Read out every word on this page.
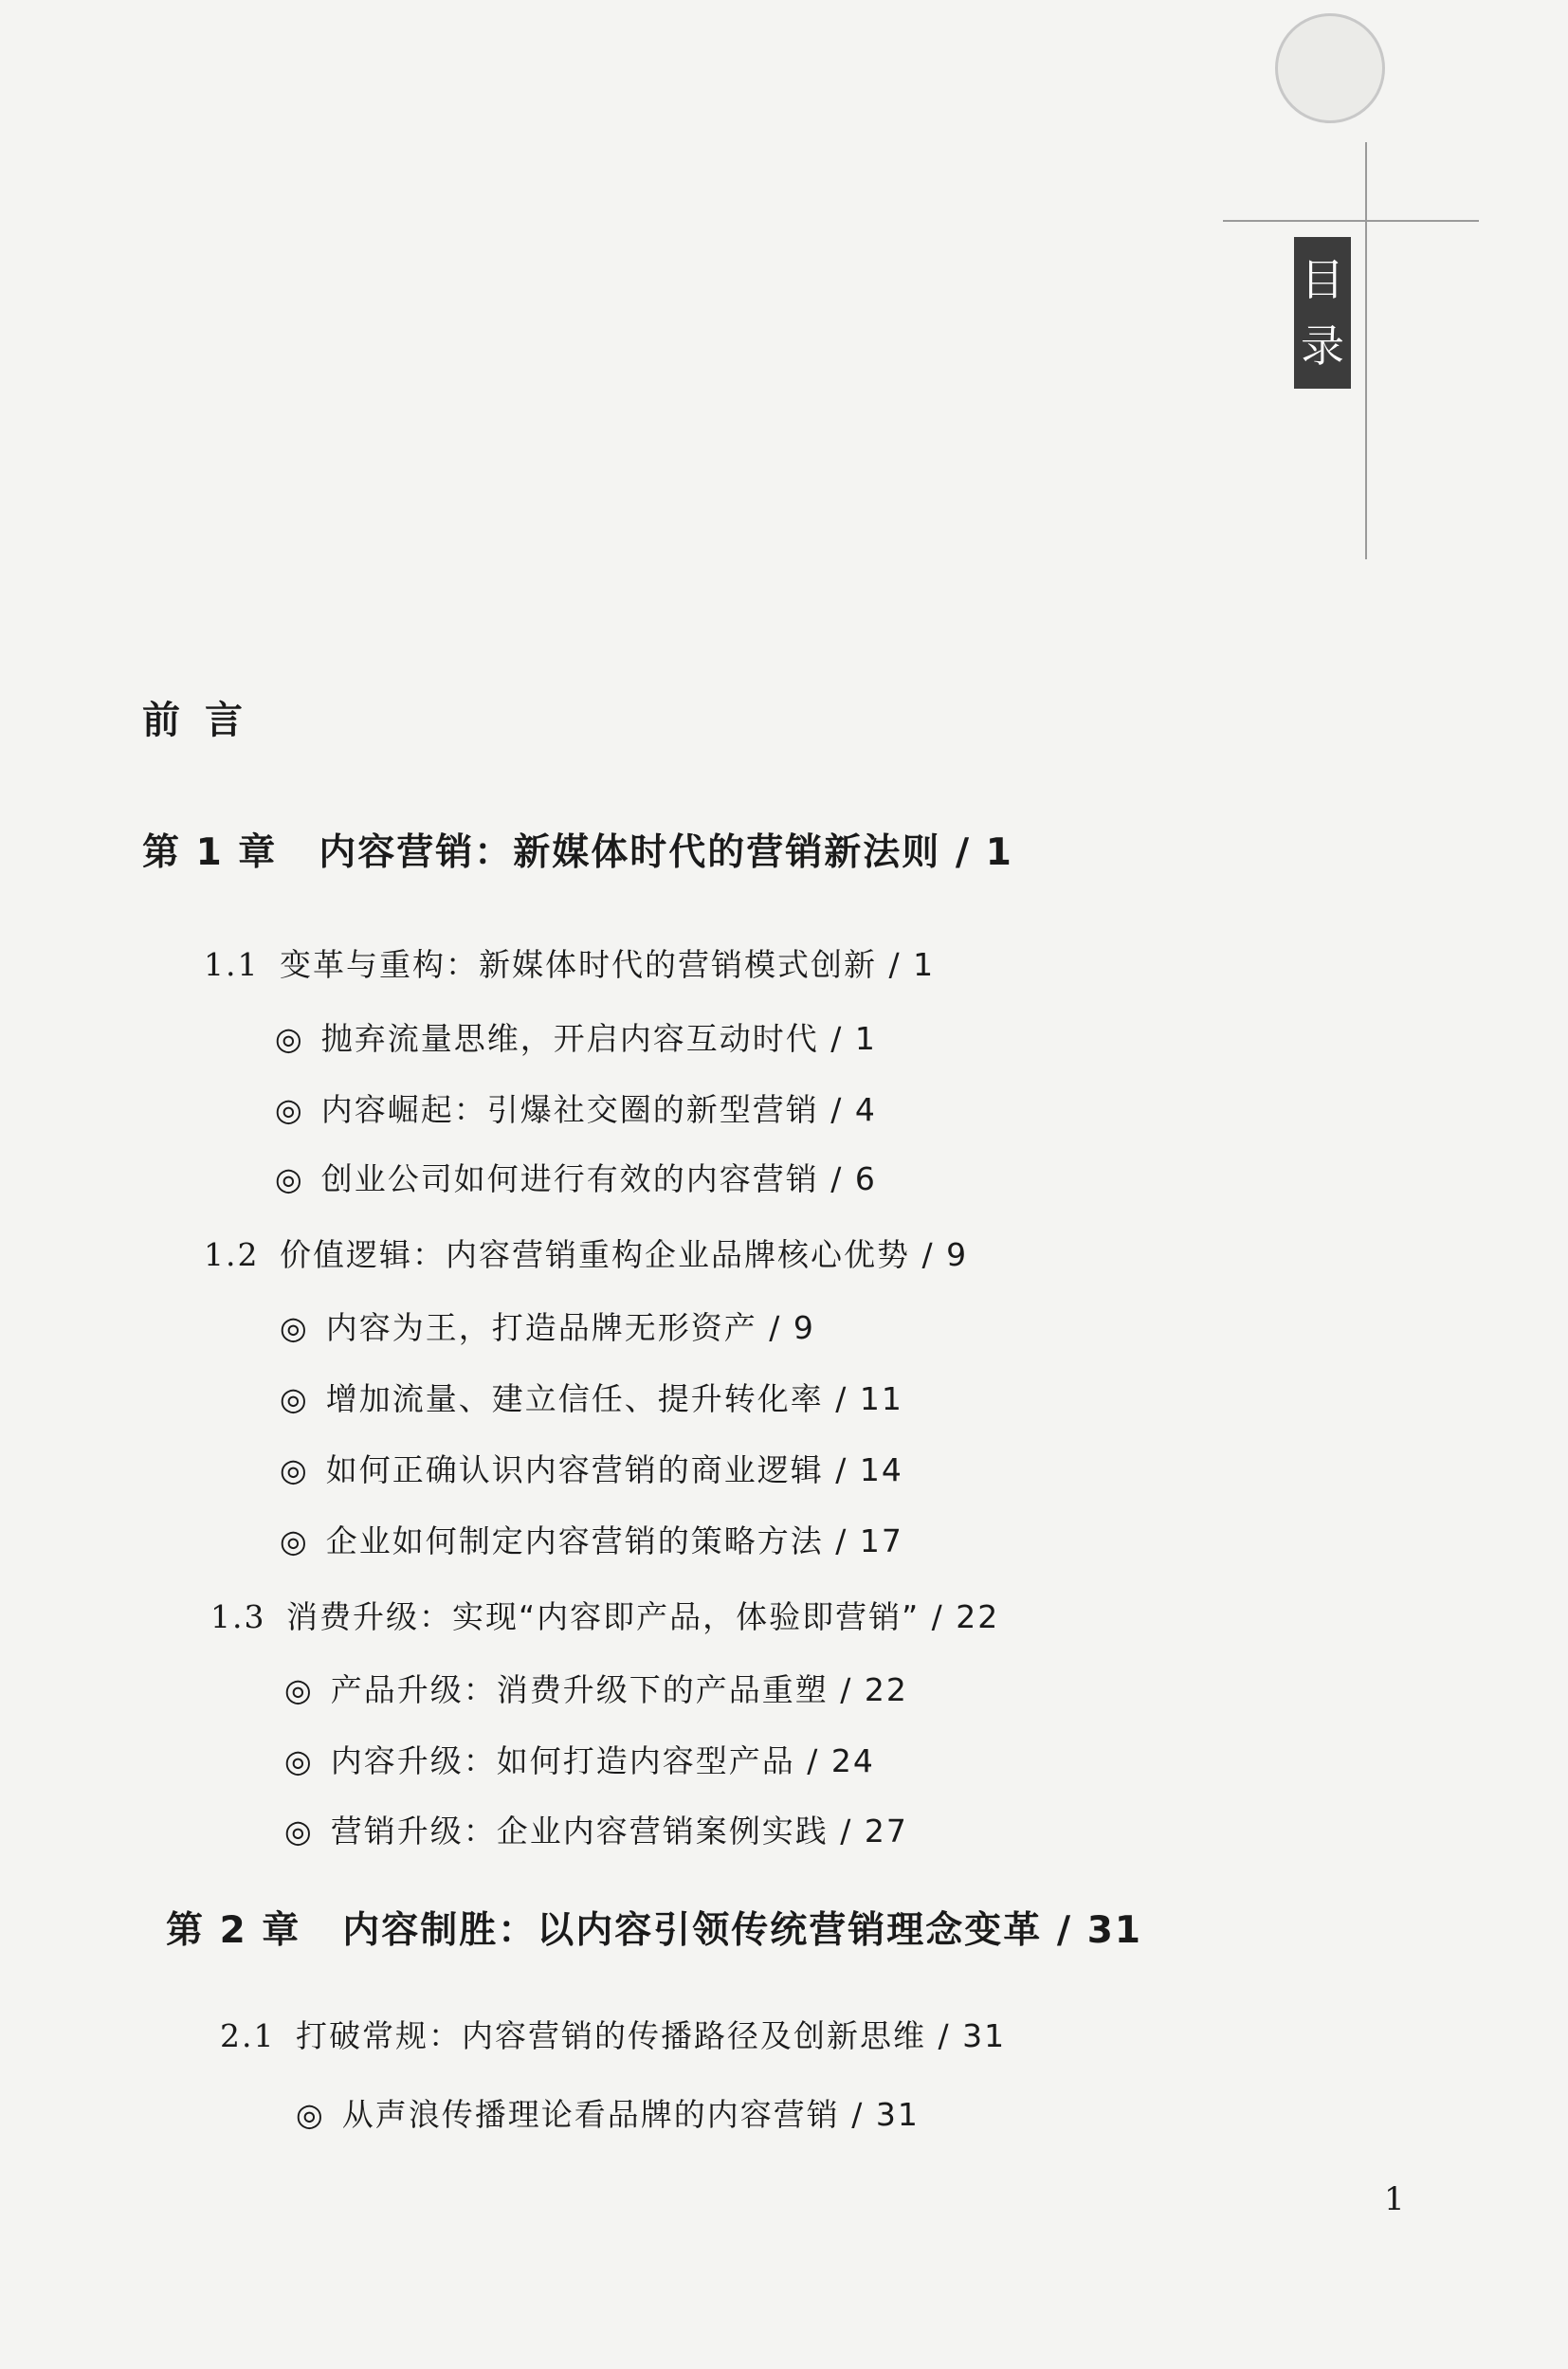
目
录
前言
第 1 章 内容营销：新媒体时代的营销新法则 / 1
1.1 变革与重构：新媒体时代的营销模式创新 / 1
◎ 抛弃流量思维，开启内容互动时代 / 1
◎ 内容崛起：引爆社交圈的新型营销 / 4
◎ 创业公司如何进行有效的内容营销 / 6
1.2 价值逻辑：内容营销重构企业品牌核心优势 / 9
◎ 内容为王，打造品牌无形资产 / 9
◎ 增加流量、建立信任、提升转化率 / 11
◎ 如何正确认识内容营销的商业逻辑 / 14
◎ 企业如何制定内容营销的策略方法 / 17
1.3 消费升级：实现“内容即产品，体验即营销” / 22
◎ 产品升级：消费升级下的产品重塑 / 22
◎ 内容升级：如何打造内容型产品 / 24
◎ 营销升级：企业内容营销案例实践 / 27
第 2 章 内容制胜：以内容引领传统营销理念变革 / 31
2.1 打破常规：内容营销的传播路径及创新思维 / 31
◎ 从声浪传播理论看品牌的内容营销 / 31
1
